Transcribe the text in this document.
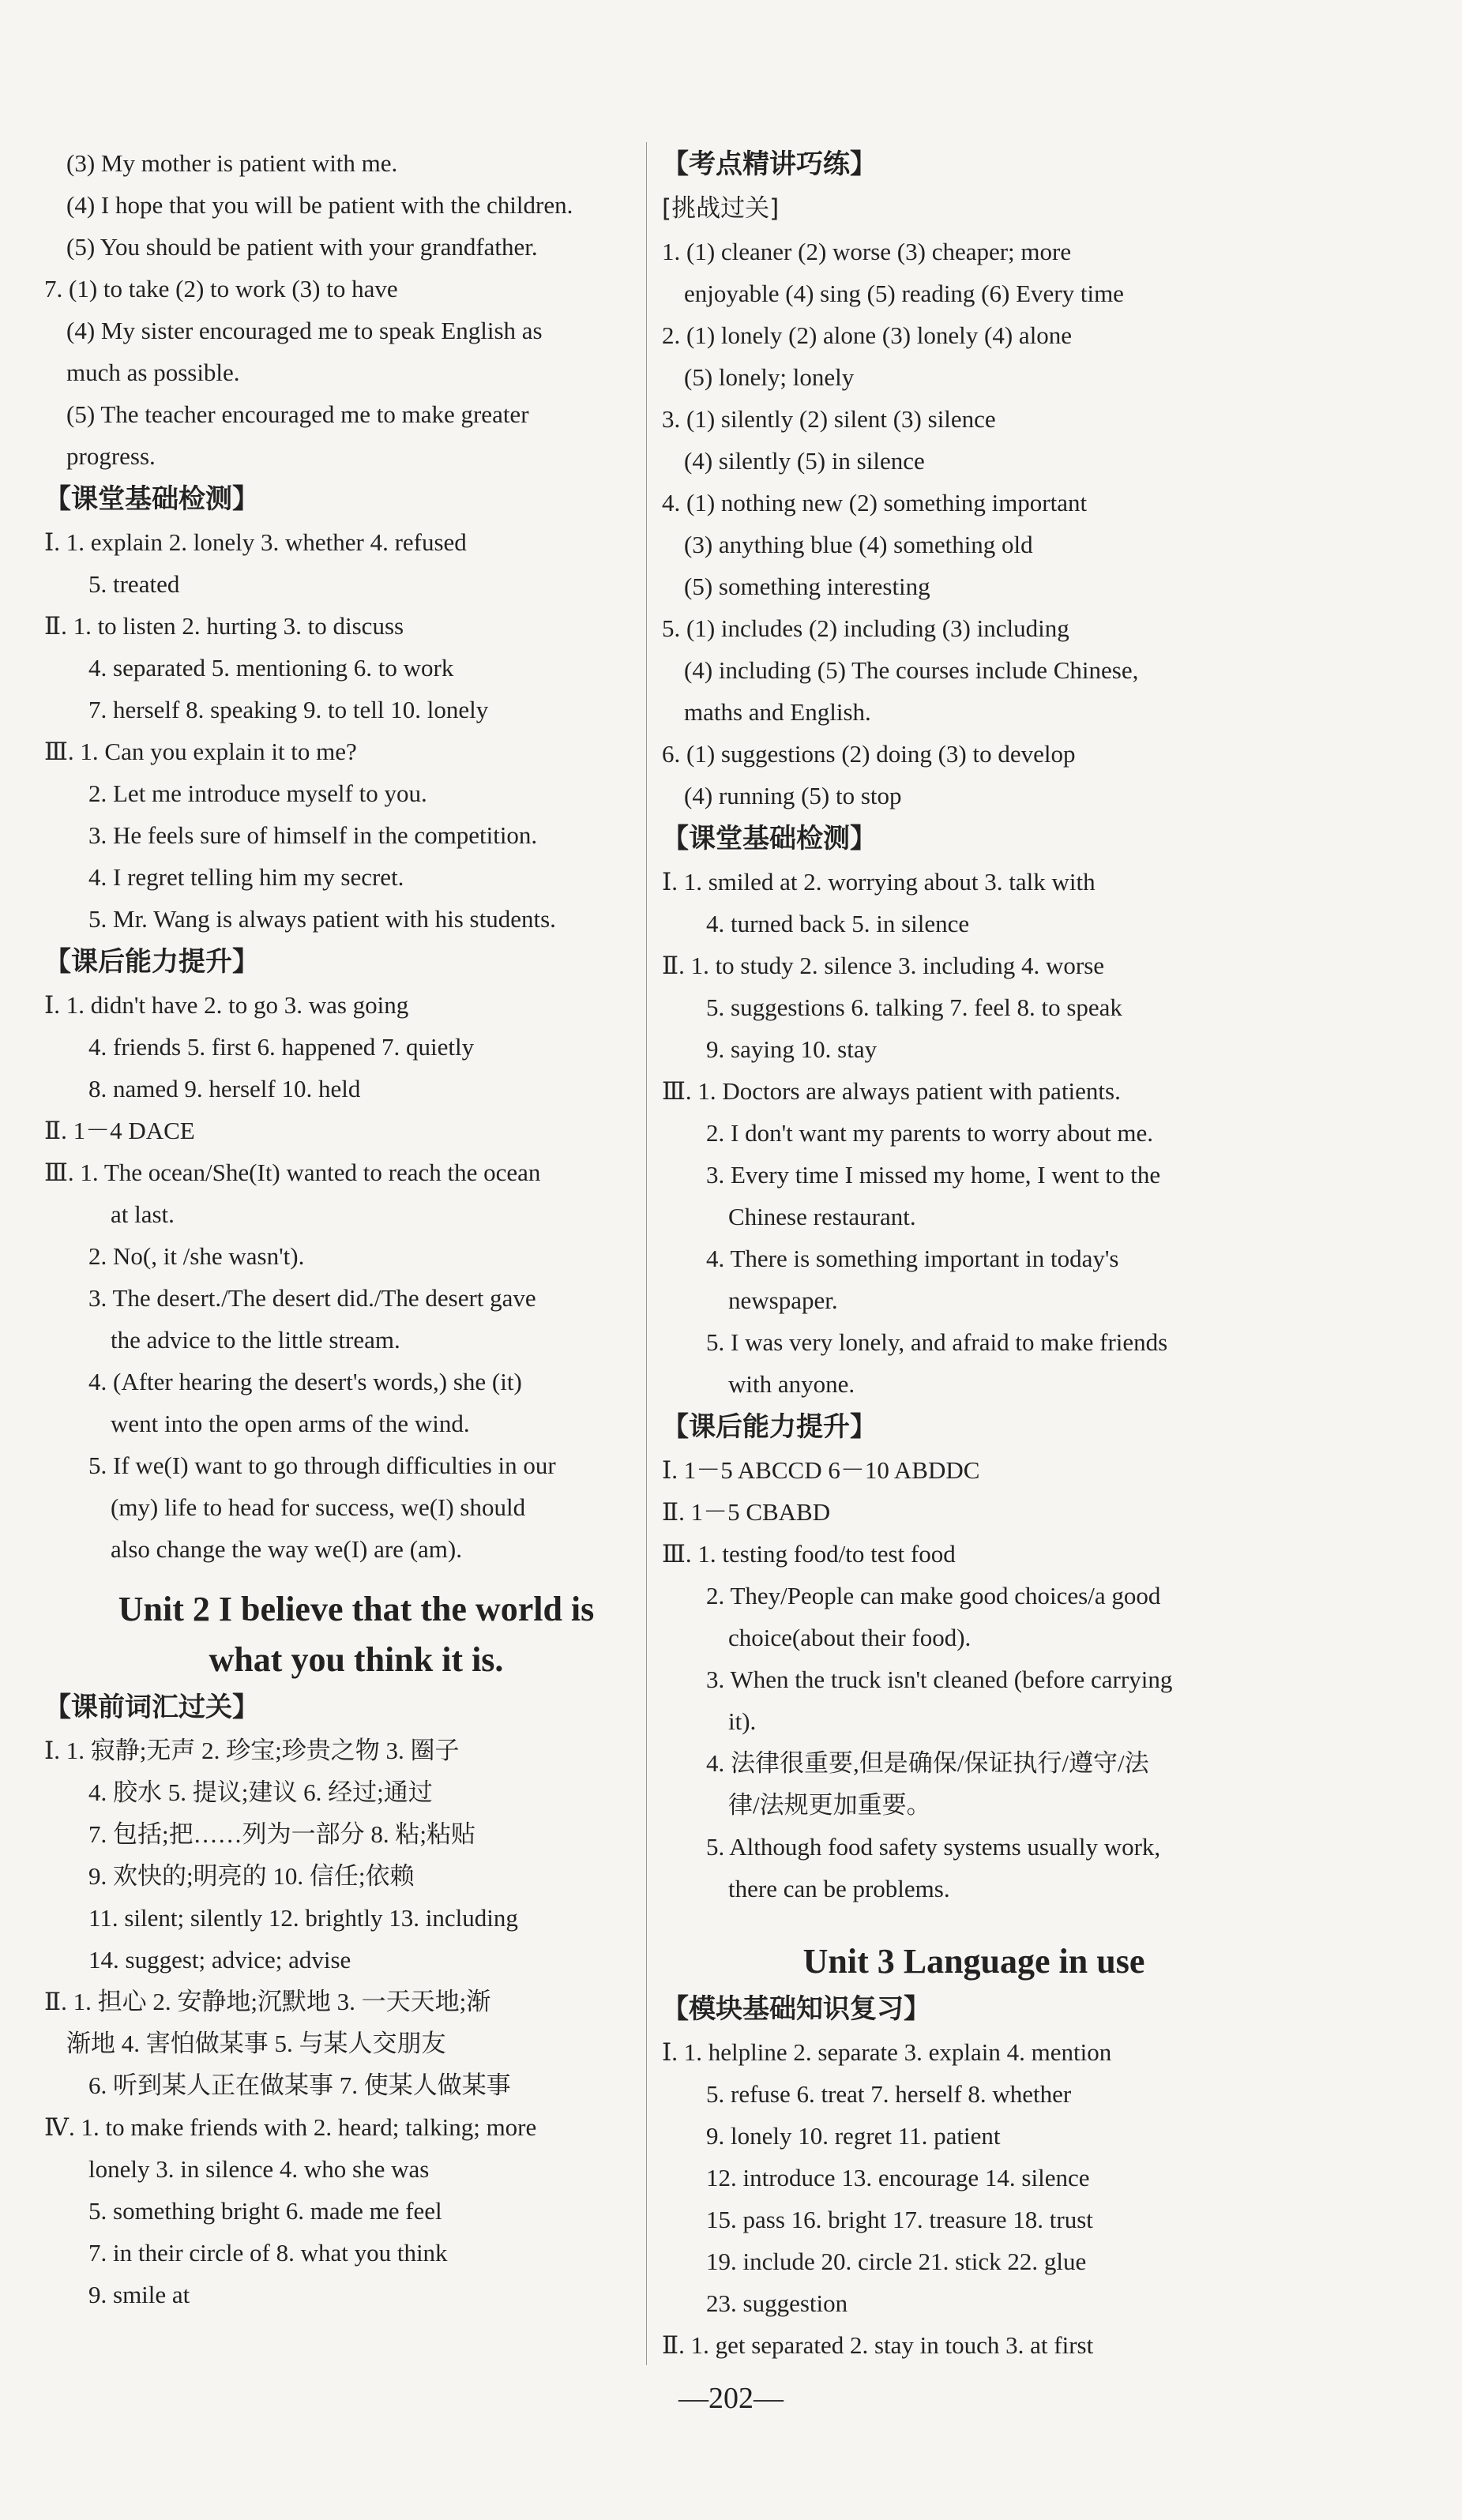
(3) My mother is patient with me.
(4) I hope that you will be patient with the children.
(5) You should be patient with your grandfather.
7. (1) to take (2) to work (3) to have
(4) My sister encouraged me to speak English as
much as possible.
(5) The teacher encouraged me to make greater
progress.
【课堂基础检测】
Ⅰ. 1. explain 2. lonely 3. whether 4. refused
5. treated
Ⅱ. 1. to listen 2. hurting 3. to discuss
4. separated 5. mentioning 6. to work
7. herself 8. speaking 9. to tell 10. lonely
Ⅲ. 1. Can you explain it to me?
2. Let me introduce myself to you.
3. He feels sure of himself in the competition.
4. I regret telling him my secret.
5. Mr. Wang is always patient with his students.
【课后能力提升】
Ⅰ. 1. didn't have 2. to go 3. was going
4. friends 5. first 6. happened 7. quietly
8. named 9. herself 10. held
Ⅱ. 1－4 DACE
Ⅲ. 1. The ocean/She(It) wanted to reach the ocean
at last.
2. No(, it /she wasn't).
3. The desert./The desert did./The desert gave
the advice to the little stream.
4. (After hearing the desert's words,) she (it)
went into the open arms of the wind.
5. If we(I) want to go through difficulties in our
(my) life to head for success, we(I) should
also change the way we(I) are (am).
Unit 2 I believe that the world is
what you think it is.
【课前词汇过关】
Ⅰ. 1. 寂静;无声 2. 珍宝;珍贵之物 3. 圈子
4. 胶水 5. 提议;建议 6. 经过;通过
7. 包括;把……列为一部分 8. 粘;粘贴
9. 欢快的;明亮的 10. 信任;依赖
11. silent; silently 12. brightly 13. including
14. suggest; advice; advise
Ⅱ. 1. 担心 2. 安静地;沉默地 3. 一天天地;渐
渐地 4. 害怕做某事 5. 与某人交朋友
6. 听到某人正在做某事 7. 使某人做某事
Ⅳ. 1. to make friends with 2. heard; talking; more
lonely 3. in silence 4. who she was
5. something bright 6. made me feel
7. in their circle of 8. what you think
9. smile at
【考点精讲巧练】
[挑战过关]
1. (1) cleaner (2) worse (3) cheaper; more
enjoyable (4) sing (5) reading (6) Every time
2. (1) lonely (2) alone (3) lonely (4) alone
(5) lonely; lonely
3. (1) silently (2) silent (3) silence
(4) silently (5) in silence
4. (1) nothing new (2) something important
(3) anything blue (4) something old
(5) something interesting
5. (1) includes (2) including (3) including
(4) including (5) The courses include Chinese,
maths and English.
6. (1) suggestions (2) doing (3) to develop
(4) running (5) to stop
【课堂基础检测】
Ⅰ. 1. smiled at 2. worrying about 3. talk with
4. turned back 5. in silence
Ⅱ. 1. to study 2. silence 3. including 4. worse
5. suggestions 6. talking 7. feel 8. to speak
9. saying 10. stay
Ⅲ. 1. Doctors are always patient with patients.
2. I don't want my parents to worry about me.
3. Every time I missed my home, I went to the
Chinese restaurant.
4. There is something important in today's
newspaper.
5. I was very lonely, and afraid to make friends
with anyone.
【课后能力提升】
Ⅰ. 1－5 ABCCD 6－10 ABDDC
Ⅱ. 1－5 CBABD
Ⅲ. 1. testing food/to test food
2. They/People can make good choices/a good
choice(about their food).
3. When the truck isn't cleaned (before carrying
it).
4. 法律很重要,但是确保/保证执行/遵守/法
律/法规更加重要。
5. Although food safety systems usually work,
there can be problems.
Unit 3 Language in use
【模块基础知识复习】
Ⅰ. 1. helpline 2. separate 3. explain 4. mention
5. refuse 6. treat 7. herself 8. whether
9. lonely 10. regret 11. patient
12. introduce 13. encourage 14. silence
15. pass 16. bright 17. treasure 18. trust
19. include 20. circle 21. stick 22. glue
23. suggestion
Ⅱ. 1. get separated 2. stay in touch 3. at first
—202—
